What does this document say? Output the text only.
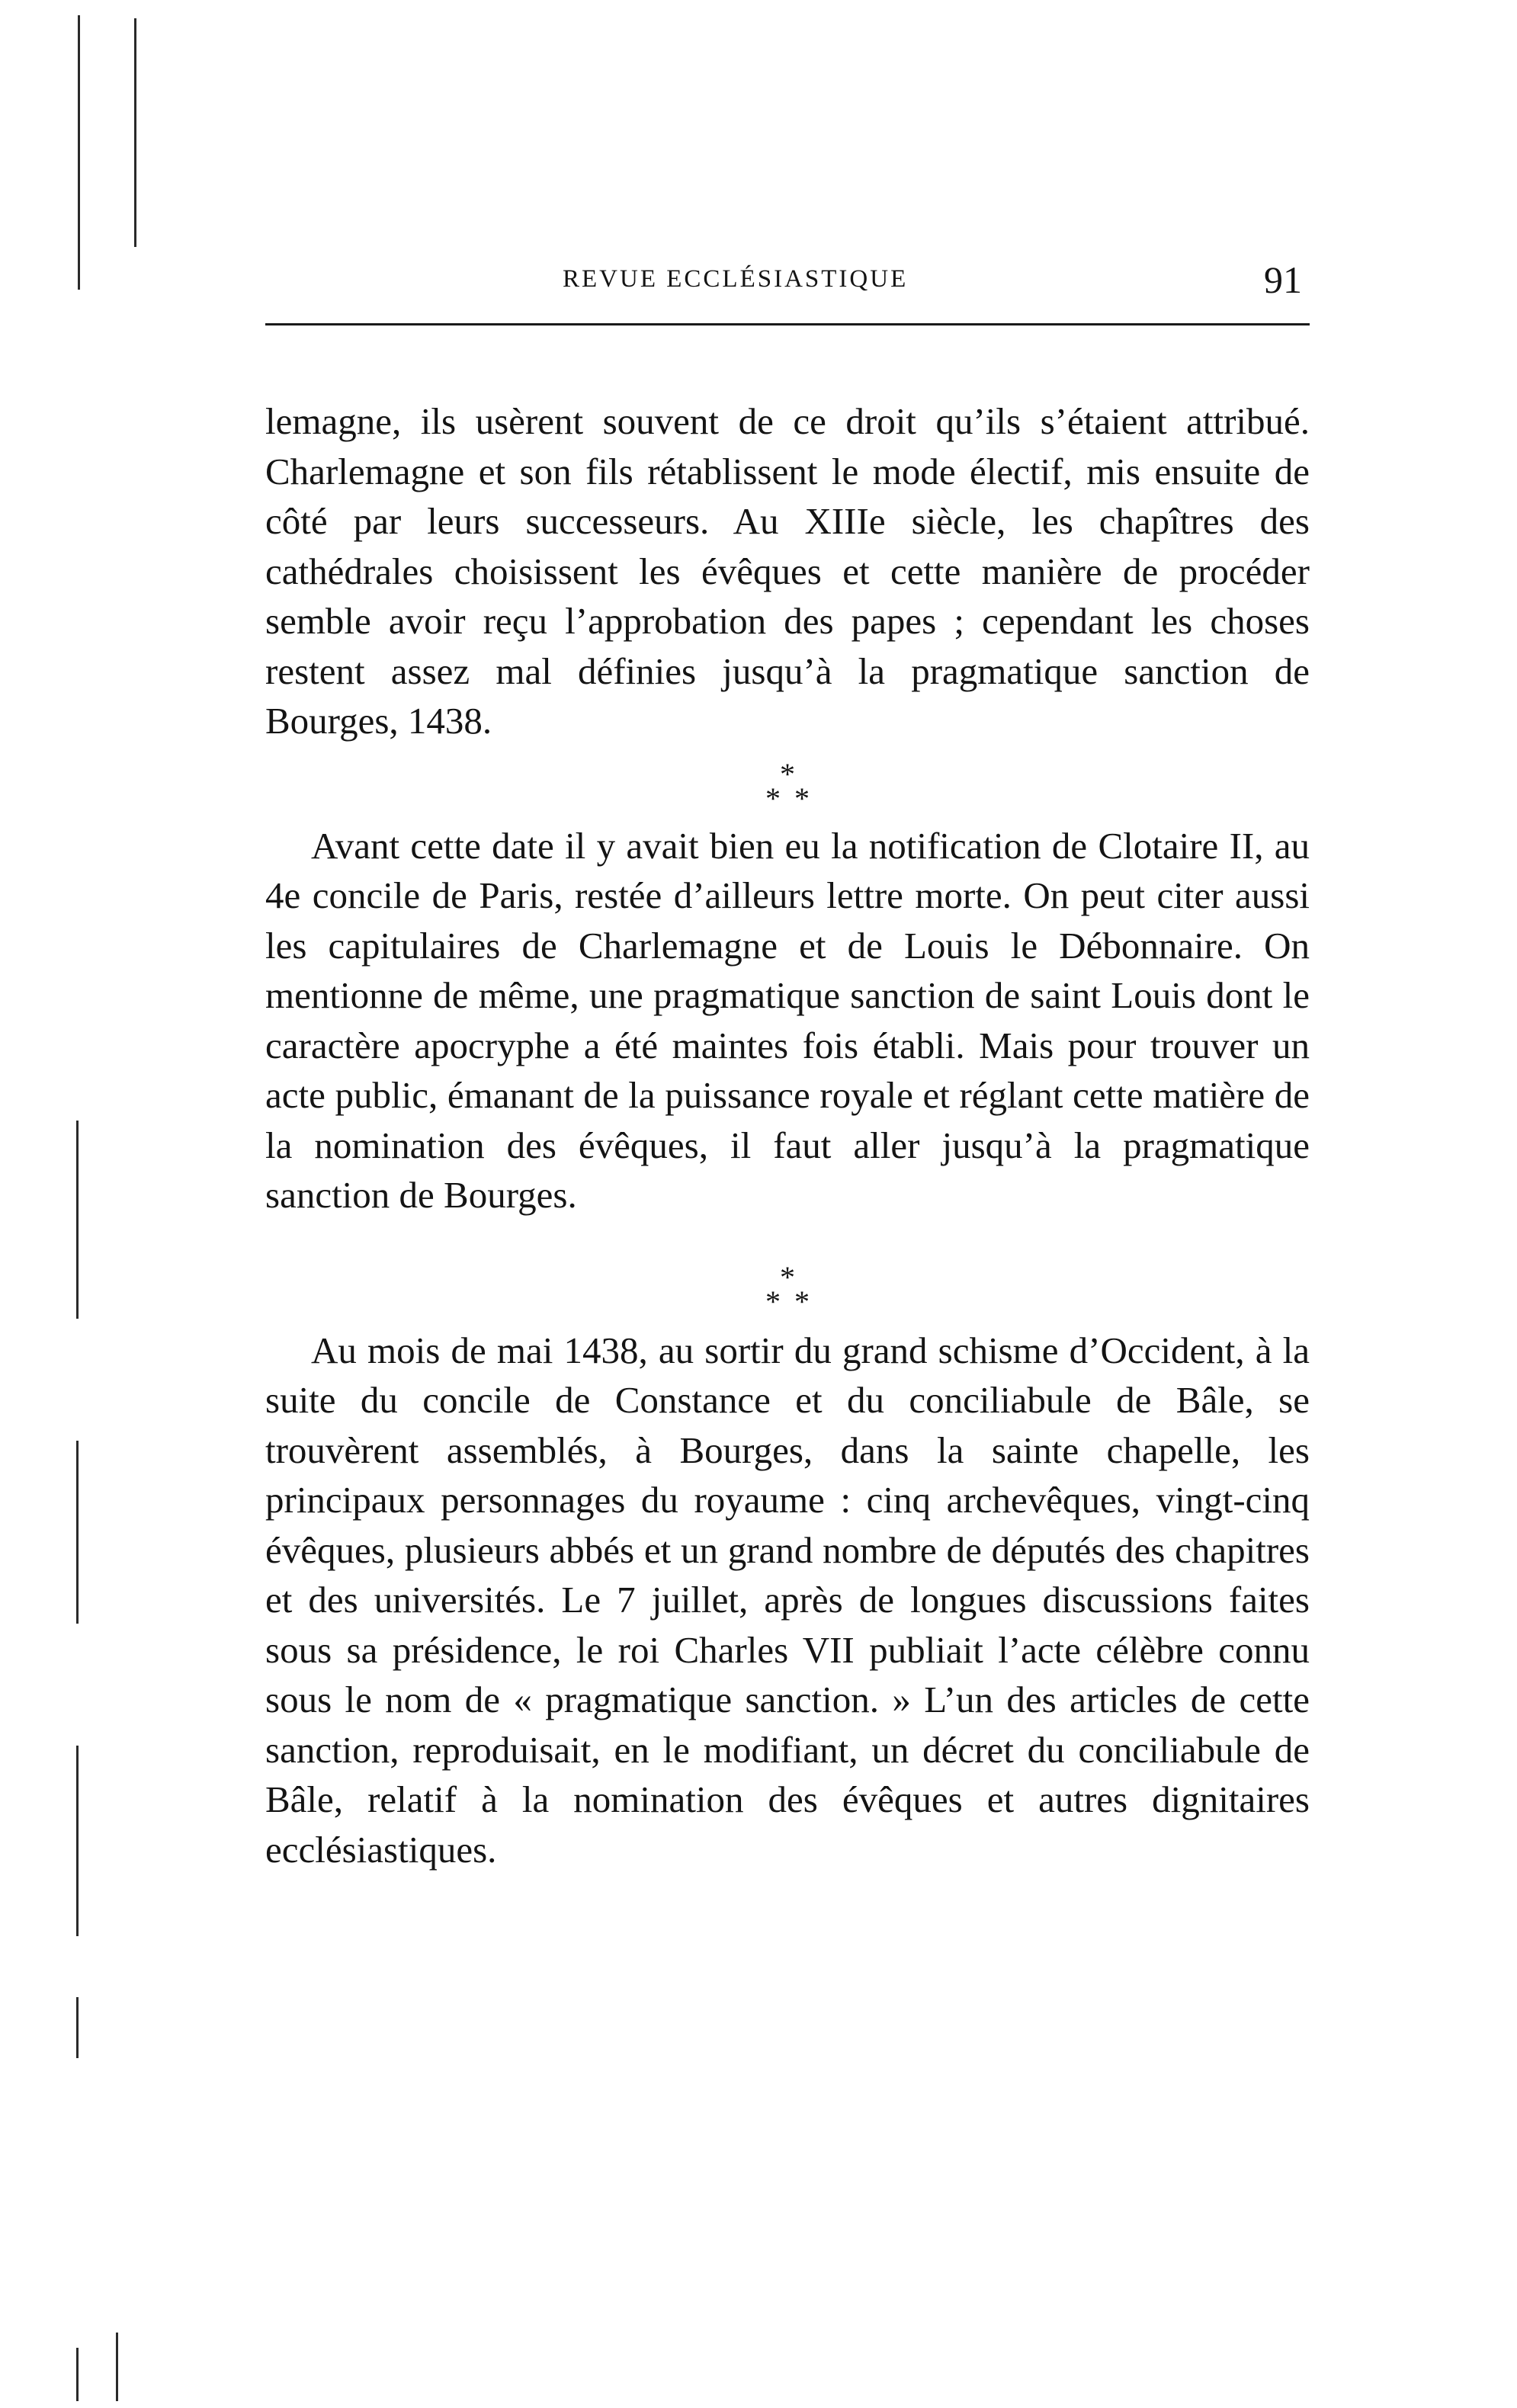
REVUE ECCLÉSIASTIQUE	91

lemagne, ils usèrent souvent de ce droit qu’ils s’étaient attribué. Charlemagne et son fils rétablissent le mode électif, mis ensuite de côté par leurs successeurs. Au XIIIe siècle, les chapîtres des cathédrales choisissent les évêques et cette manière de procéder semble avoir reçu l’approbation des papes ; cependant les choses restent assez mal définies jusqu’à la pragmatique sanction de Bourges, 1438.

*
**

Avant cette date il y avait bien eu la notification de Clotaire II, au 4e concile de Paris, restée d’ailleurs lettre morte. On peut citer aussi les capitulaires de Charlemagne et de Louis le Débonnaire. On mentionne de même, une pragmatique sanction de saint Louis dont le caractère apocryphe a été maintes fois établi. Mais pour trouver un acte public, émanant de la puissance royale et réglant cette matière de la nomination des évêques, il faut aller jusqu’à la pragmatique sanction de Bourges.

*
**

Au mois de mai 1438, au sortir du grand schisme d’Occident, à la suite du concile de Constance et du conciliabule de Bâle, se trouvèrent assemblés, à Bourges, dans la sainte chapelle, les principaux personnages du royaume : cinq archevêques, vingt-cinq évêques, plusieurs abbés et un grand nombre de députés des chapitres et des universités. Le 7 juillet, après de longues discussions faites sous sa présidence, le roi Charles VII publiait l’acte célèbre connu sous le nom de « pragmatique sanction. » L’un des articles de cette sanction, reproduisait, en le modifiant, un décret du conciliabule de Bâle, relatif à la nomination des évêques et autres dignitaires ecclésiastiques.
